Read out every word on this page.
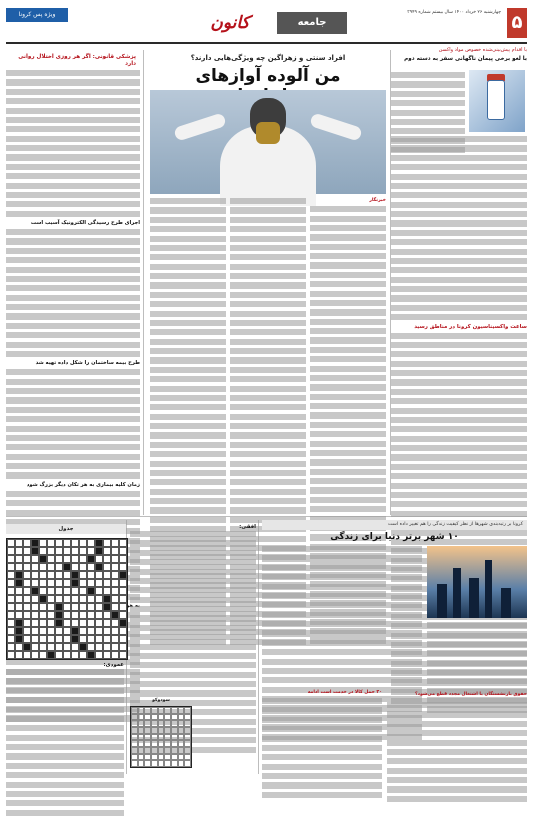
۵
چهارشنبه ۲۶ خرداد ۱۴۰۰ سال بیستم شماره ۳۹۴۹
جامعه
کانون
ویژه پس کرونا
با اقدام پیش‌بینی‌شده خصوص مواد واکسن
با لغو برخی پیمان ناگهانی سفر به دسته دوم
ساعت واکسیناسیون کرونا در مناطق رسید
افراد سنتی و زهراگین چه ویژگی‌هایی دارند؟
من آلوده آوازهای
خبرنگار
پزشکی قانونی: اگر هر روزی اختلال روانی دارد
اجرای طرح رسیدگی الکترونیک آسیب است
طرح بیمه ساختمان را شکل داده تهیه شد
زمان کلیه بیماری به هر تکان دیگر بزرگ شود
کرونا بر رتبه‌بندی شهرها از نظر کیفیت زندگی را هم تغییر داده است
۱۰ شهر برتر دنیا برای زندگی
۳۰ حمل کالا در خدمت است ادامه	حقوق بازنشستگان با اشتغال مجدد قطع می‌شود؟
جدول	افقی:
عمودی:
سودوکو
